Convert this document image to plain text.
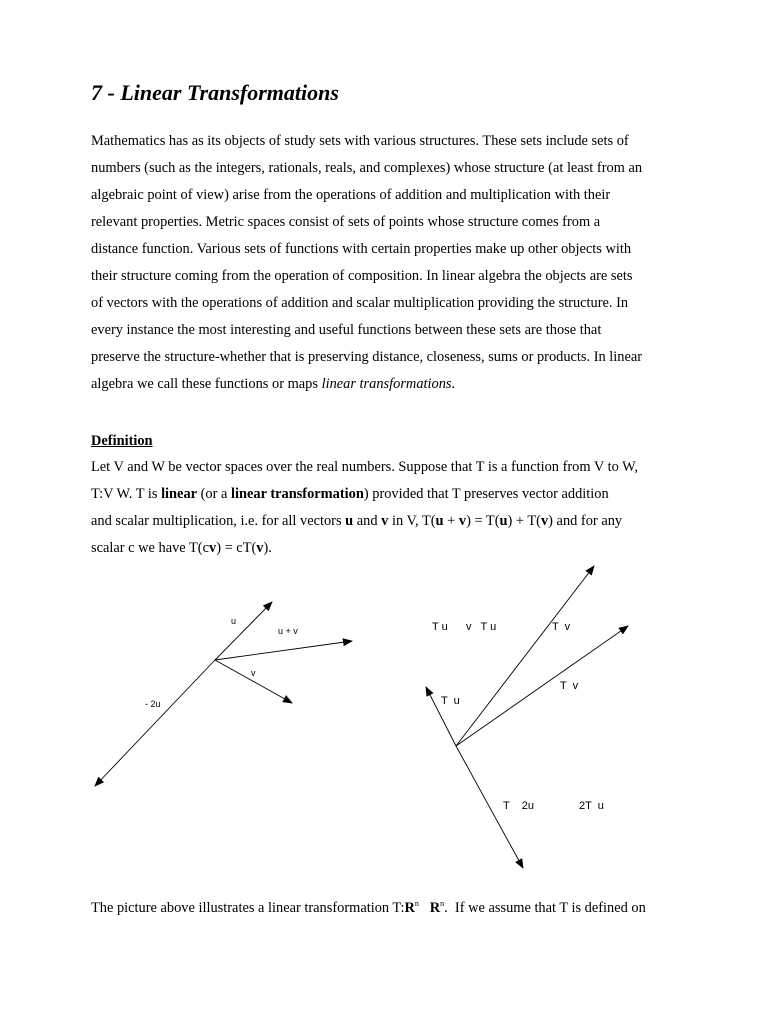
7 - Linear Transformations
Mathematics has as its objects of study sets with various structures. These sets include sets of
numbers (such as the integers, rationals, reals, and complexes) whose structure (at least from an
algebraic point of view) arise from the operations of addition and multiplication with their
relevant properties. Metric spaces consist of sets of points whose structure comes from a
distance function. Various sets of functions with certain properties make up other objects with
their structure coming from the operation of composition. In linear algebra the objects are sets
of vectors with the operations of addition and scalar multiplication providing the structure. In
every instance the most interesting and useful functions between these sets are those that
preserve the structure-whether that is preserving distance, closeness, sums or products. In linear
algebra we call these functions or maps linear transformations.
Definition
Let V and W be vector spaces over the real numbers. Suppose that T is a function from V to W,
T:V W. T is linear (or a linear transformation) provided that T preserves vector addition
and scalar multiplication, i.e. for all vectors u and v in V, T(u + v) = T(u) + T(v) and for any
scalar c we have T(cv) = cT(v).
u
u + v
v
- 2u
T u      v   T u	T  v
T  v
T  u
T    2u	2T  u
The picture above illustrates a linear transformation $T:R^n$ $R^n$.  If we assume that T is defined on
